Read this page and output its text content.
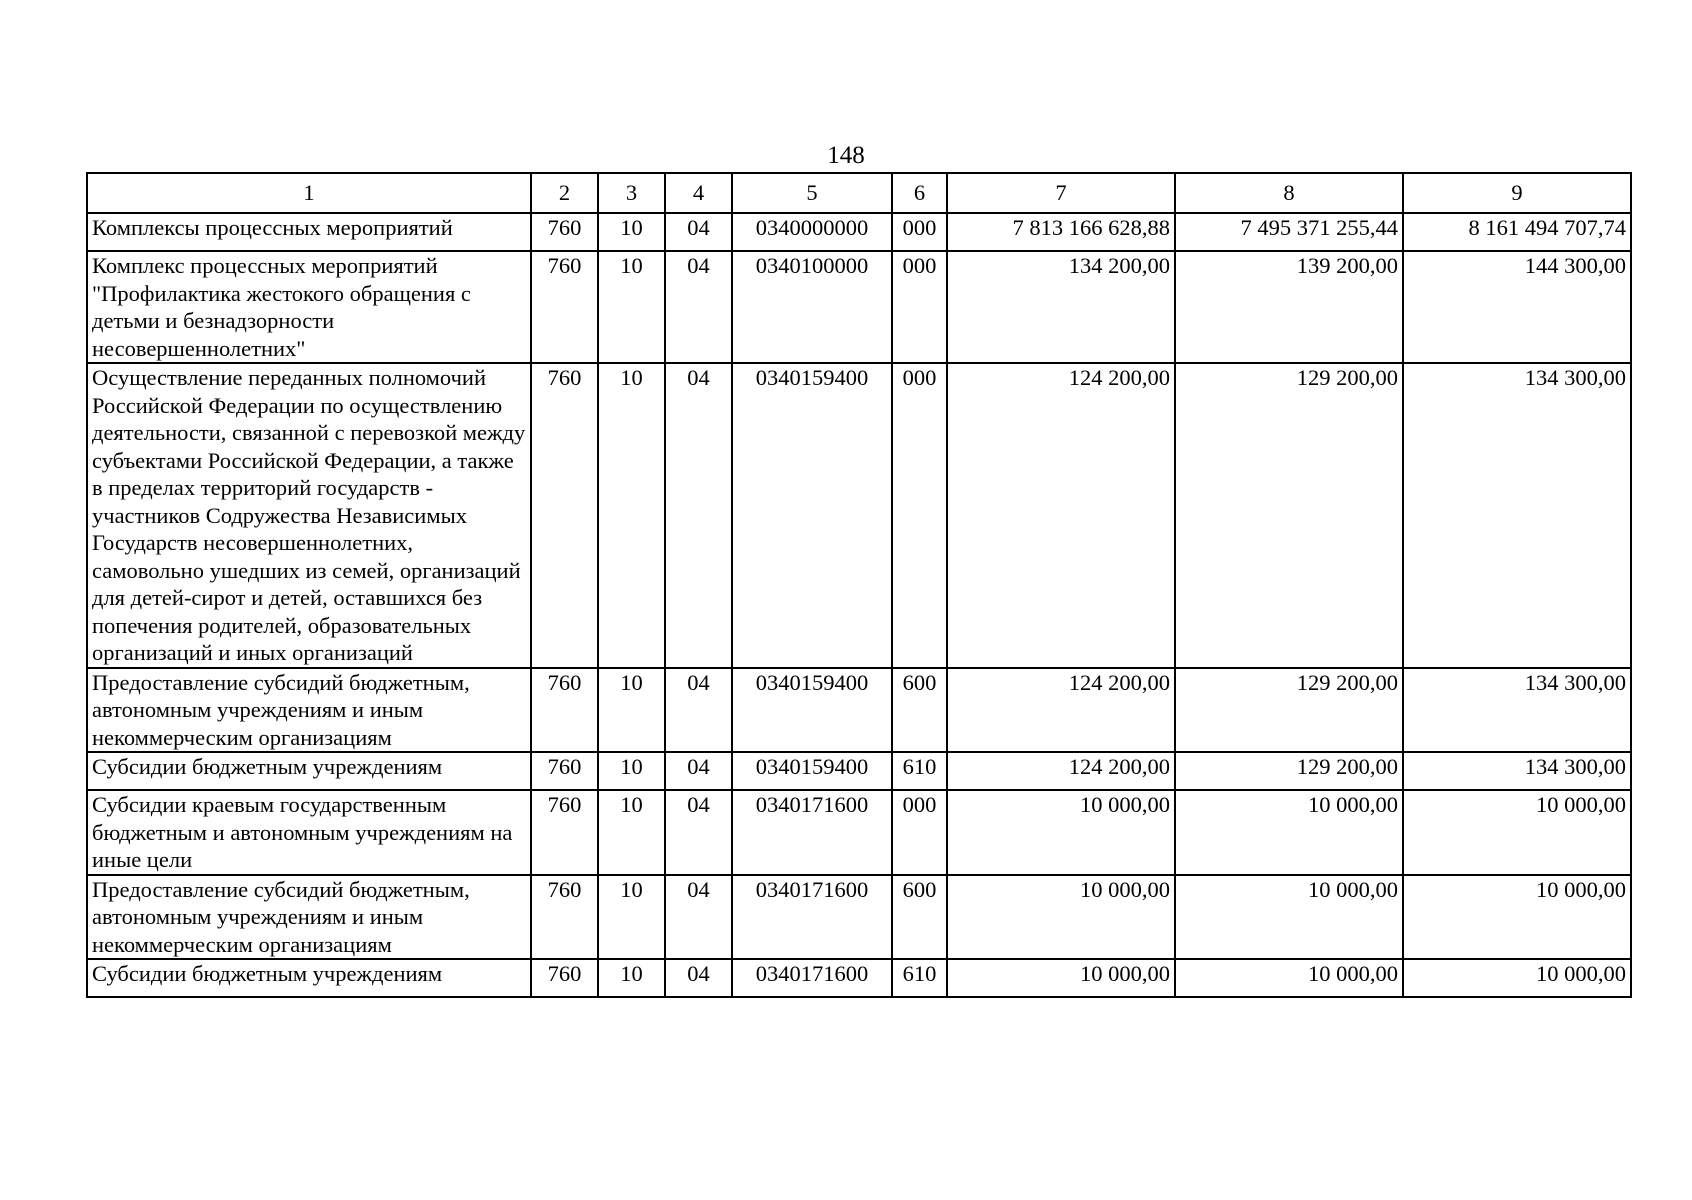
148
1	2	3	4	5	6	7	8	9
Комплексы процессных мероприятий	760	10	04	0340000000	000	7 813 166 628,88	7 495 371 255,44	8 161 494 707,74
Комплекс процессных мероприятий "Профилактика жестокого обращения с детьми и безнадзорности несовершеннолетних"	760	10	04	0340100000	000	134 200,00	139 200,00	144 300,00
Осуществление переданных полномочий Российской Федерации по осуществлению деятельности, связанной с перевозкой между субъектами Российской Федерации, а также в пределах территорий государств - участников Содружества Независимых Государств несовершеннолетних, самовольно ушедших из семей, организаций для детей-сирот и детей, оставшихся без попечения родителей, образовательных организаций и иных организаций	760	10	04	0340159400	000	124 200,00	129 200,00	134 300,00
Предоставление субсидий бюджетным, автономным учреждениям и иным некоммерческим организациям	760	10	04	0340159400	600	124 200,00	129 200,00	134 300,00
Субсидии бюджетным учреждениям	760	10	04	0340159400	610	124 200,00	129 200,00	134 300,00
Субсидии краевым государственным бюджетным и автономным учреждениям на иные цели	760	10	04	0340171600	000	10 000,00	10 000,00	10 000,00
Предоставление субсидий бюджетным, автономным учреждениям и иным некоммерческим организациям	760	10	04	0340171600	600	10 000,00	10 000,00	10 000,00
Субсидии бюджетным учреждениям	760	10	04	0340171600	610	10 000,00	10 000,00	10 000,00
